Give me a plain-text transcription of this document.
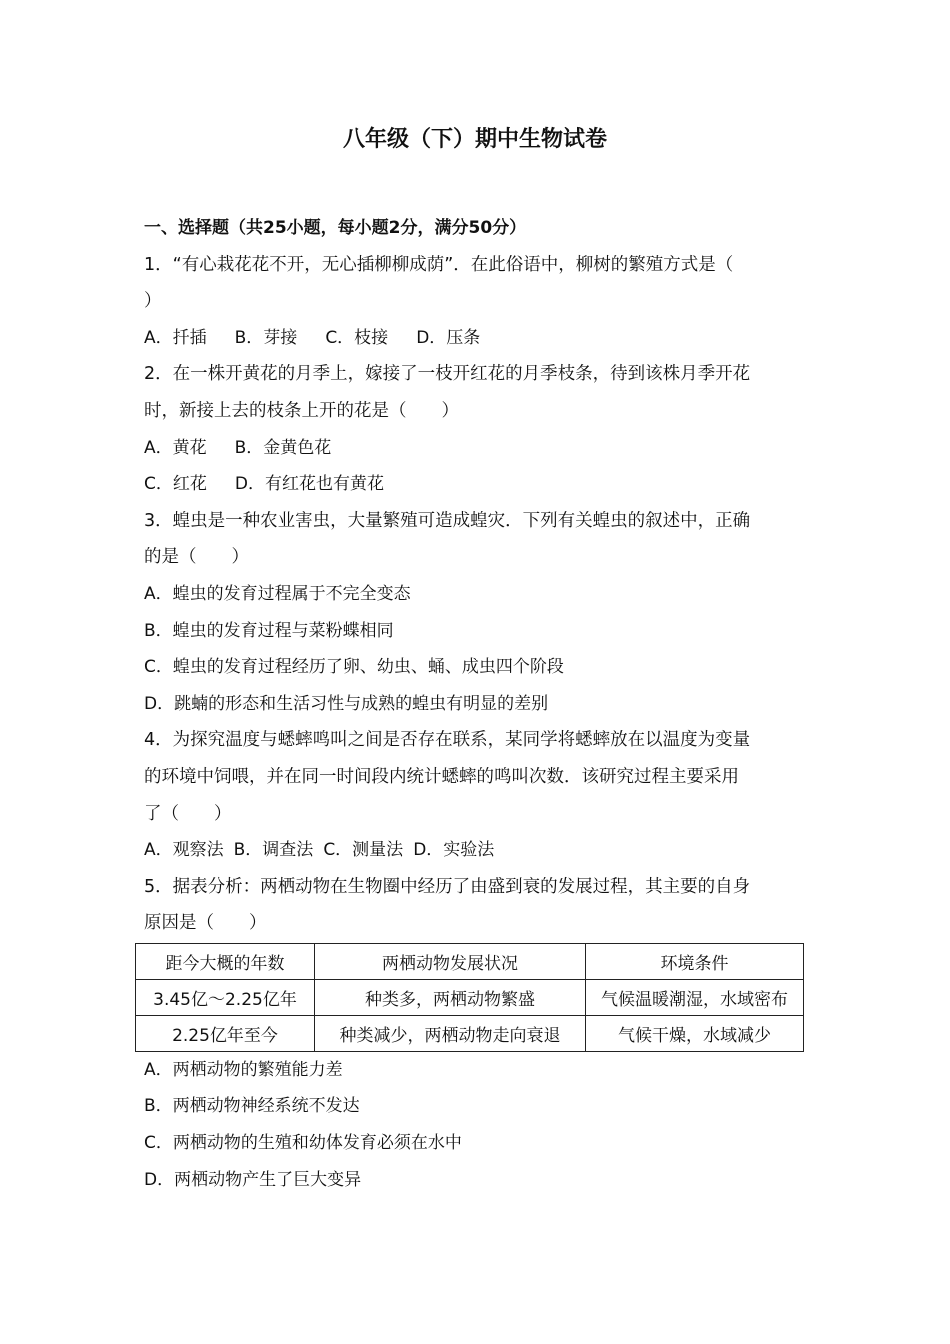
八年级（下）期中生物试卷
一、选择题（共25小题，每小题2分，满分50分）
1．“有心栽花花不开，无心插柳柳成荫”．在此俗语中，柳树的繁殖方式是（
）
A．扦插 B．芽接 C．枝接 D．压条
2．在一株开黄花的月季上，嫁接了一枝开红花的月季枝条，待到该株月季开花
时，新接上去的枝条上开的花是（　　）
A．黄花 B．金黄色花
C．红花 D．有红花也有黄花
3．蝗虫是一种农业害虫，大量繁殖可造成蝗灾．下列有关蝗虫的叙述中，正确
的是（　　）
A．蝗虫的发育过程属于不完全变态
B．蝗虫的发育过程与菜粉蝶相同
C．蝗虫的发育过程经历了卵、幼虫、蛹、成虫四个阶段
D．跳蝻的形态和生活习性与成熟的蝗虫有明显的差别
4．为探究温度与蟋蟀鸣叫之间是否存在联系，某同学将蟋蟀放在以温度为变量
的环境中饲喂，并在同一时间段内统计蟋蟀的鸣叫次数．该研究过程主要采用
了（　　）
A．观察法 B．调查法 C．测量法 D．实验法
5．据表分析：两栖动物在生物圈中经历了由盛到衰的发展过程，其主要的自身
原因是（　　）
距今大概的年数	两栖动物发展状况	环境条件
3.45亿～2.25亿年	种类多，两栖动物繁盛	气候温暖潮湿，水域密布
2.25亿年至今	种类减少，两栖动物走向衰退	气候干燥，水域减少
A．两栖动物的繁殖能力差
B．两栖动物神经系统不发达
C．两栖动物的生殖和幼体发育必须在水中
D．两栖动物产生了巨大变异
